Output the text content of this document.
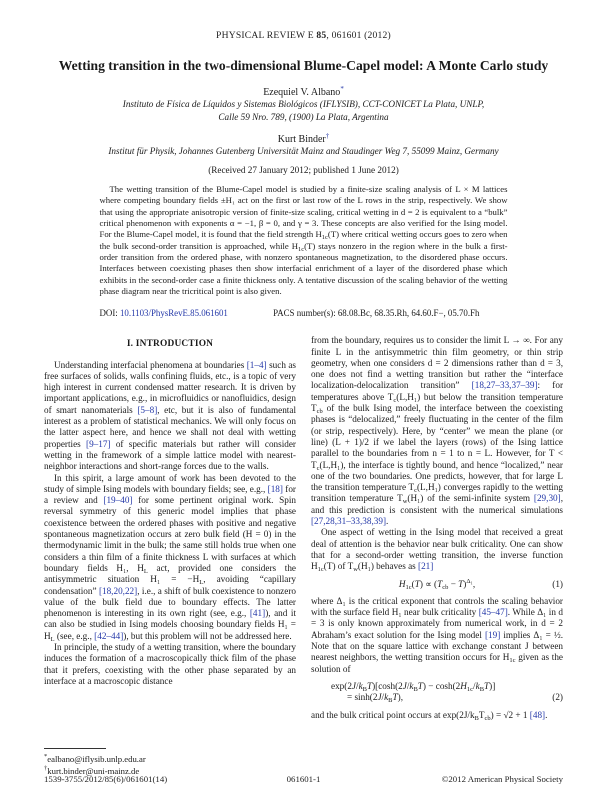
PHYSICAL REVIEW E 85, 061601 (2012)
Wetting transition in the two-dimensional Blume-Capel model: A Monte Carlo study
Ezequiel V. Albano*
Instituto de Física de Líquidos y Sistemas Biológicos (IFLYSIB), CCT-CONICET La Plata, UNLP,
Calle 59 Nro. 789, (1900) La Plata, Argentina
Kurt Binder†
Institut für Physik, Johannes Gutenberg Universität Mainz and Staudinger Weg 7, 55099 Mainz, Germany
(Received 27 January 2012; published 1 June 2012)
The wetting transition of the Blume-Capel model is studied by a finite-size scaling analysis of L × M lattices where competing boundary fields ±H₁ act on the first or last row of the L rows in the strip, respectively. We show that using the appropriate anisotropic version of finite-size scaling, critical wetting in d = 2 is equivalent to a “bulk” critical phenomenon with exponents α = −1, β = 0, and γ = 3. These concepts are also verified for the Ising model. For the Blume-Capel model, it is found that the field strength $H_{1c}(T)$ where critical wetting occurs goes to zero when the bulk second-order transition is approached, while $H_{1c}(T)$ stays nonzero in the region where in the bulk a first-order transition from the ordered phase, with nonzero spontaneous magnetization, to the disordered phase occurs. Interfaces between coexisting phases then show interfacial enrichment of a layer of the disordered phase which exhibits in the second-order case a finite thickness only. A tentative discussion of the scaling behavior of the wetting phase diagram near the tricritical point is also given.
DOI: 10.1103/PhysRevE.85.061601	PACS number(s): 68.08.Bc, 68.35.Rh, 64.60.F−, 05.70.Fh
I. INTRODUCTION

Understanding interfacial phenomena at boundaries [1–4] such as free surfaces of solids, walls confining fluids, etc., is a topic of very high interest in current condensed matter research. It is driven by important applications, e.g., in microfluidics or nanofluidics, design of smart nanomaterials [5–8], etc, but it is also of fundamental interest as a problem of statistical mechanics. We will only focus on the latter aspect here, and hence we shall not deal with wetting properties [9–17] of specific materials but rather will consider wetting in the framework of a simple lattice model with nearest-neighbor interactions and short-range forces due to the walls.

In this spirit, a large amount of work has been devoted to the study of simple Ising models with boundary fields; see, e.g., [18] for a review and [19–40] for some pertinent original work. Spin reversal symmetry of this generic model implies that phase coexistence between the ordered phases with positive and negative spontaneous magnetization occurs at zero bulk field (H = 0) in the thermodynamic limit in the bulk; the same still holds true when one considers a thin film of a finite thickness L with surfaces at which boundary fields H₁, $H_L$ act, provided one considers the antisymmetric situation $H_1 = -H_L$, avoiding “capillary condensation” [18,20,22], i.e., a shift of bulk coexistence to nonzero value of the bulk field due to boundary effects. The latter phenomenon is interesting in its own right (see, e.g., [41]), and it can also be studied in Ising models choosing boundary fields $H_1 = H_L$ (see, e.g., [42–44]), but this problem will not be addressed here.

In principle, the study of a wetting transition, where the boundary induces the formation of a macroscopically thick film of the phase that it prefers, coexisting with the other phase separated by an interface at a macroscopic distance

*ealbano@iflysib.unlp.edu.ar
†kurt.binder@uni-mainz.de

from the boundary, requires us to consider the limit L → ∞. For any finite L in the antisymmetric thin film geometry, or thin strip geometry, when one considers d = 2 dimensions rather than d = 3, one does not find a wetting transition but rather the “interface localization-delocalization transition” [18,27–33,37–39]: for temperatures above $T_c(L,H_1)$ but below the transition temperature $T_{cb}$ of the bulk Ising model, the interface between the coexisting phases is “delocalized,” freely fluctuating in the center of the film (or strip, respectively). Here, by “center” we mean the plane (or line) (L + 1)/2 if we label the layers (rows) of the Ising lattice parallel to the boundaries from n = 1 to n = L. However, for $T < T_c(L,H_1)$, the interface is tightly bound, and hence “localized,” near one of the two boundaries. One predicts, however, that for large L the transition temperature $T_c(L,H_1)$ converges rapidly to the wetting transition temperature $T_w(H_1)$ of the semi-infinite system [29,30], and this prediction is consistent with the numerical simulations [27,28,31–33,38,39].

One aspect of wetting in the Ising model that received a great deal of attention is the behavior near bulk criticality. One can show that for a second-order wetting transition, the inverse function $H_{1c}(T)$ of $T_w(H_1)$ behaves as [21]

$H_{1c}(T) \propto (T_{cb} - T)^{\Delta_1}$,	(1)

where Δ₁ is the critical exponent that controls the scaling behavior with the surface field H₁ near bulk criticality [45–47]. While Δ₁ in d = 3 is only known approximately from numerical work, in d = 2 Abraham’s exact solution for the Ising model [19] implies Δ₁ = ½. Note that on the square lattice with exchange constant J between nearest neighbors, the wetting transition occurs for $H_{1c}$ given as the solution of

$\exp(2J/k_BT)[\cosh(2J/k_BT) - \cosh(2H_{1c}/k_BT)]$
= $\sinh(2J/k_BT)$,	(2)

and the bulk critical point occurs at $\exp(2J/k_BT_{cb}) = √2 + 1$ [48].

1539-3755/2012/85(6)/061601(14)	061601-1	©2012 American Physical Society
